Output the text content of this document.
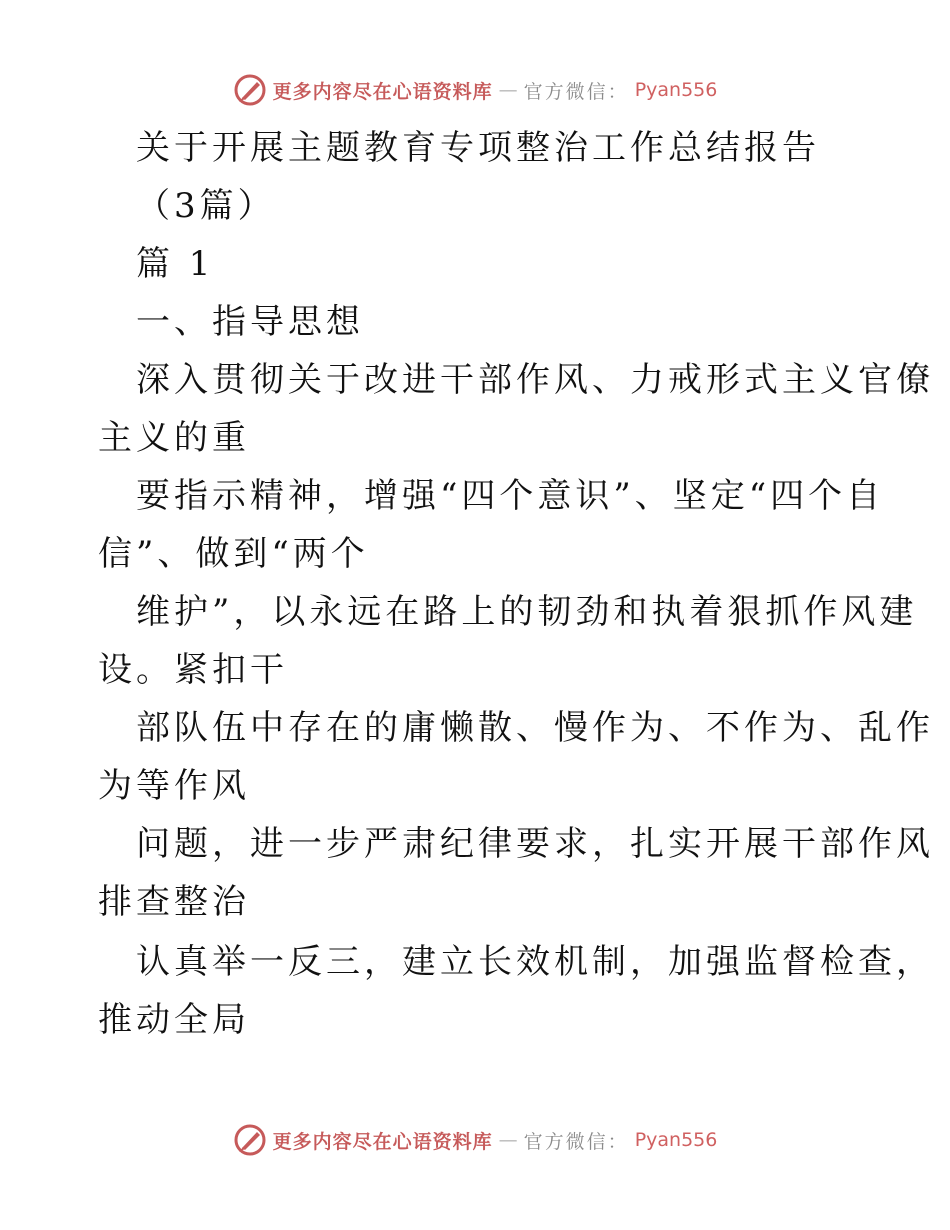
更多内容尽在心语资料库 — 官方微信： Pyan556
关于开展主题教育专项整治工作总结报告
（3篇）
篇 1
一、指导思想
深入贯彻关于改进干部作风、力戒形式主义官僚
主义的重
要指示精神，增强“四个意识”、坚定“四个自
信”、做到“两个
维护”，以永远在路上的韧劲和执着狠抓作风建
设。紧扣干
部队伍中存在的庸懒散、慢作为、不作为、乱作
为等作风
问题，进一步严肃纪律要求，扎实开展干部作风
排查整治
认真举一反三，建立长效机制，加强监督检查，
推动全局
更多内容尽在心语资料库 — 官方微信： Pyan556
